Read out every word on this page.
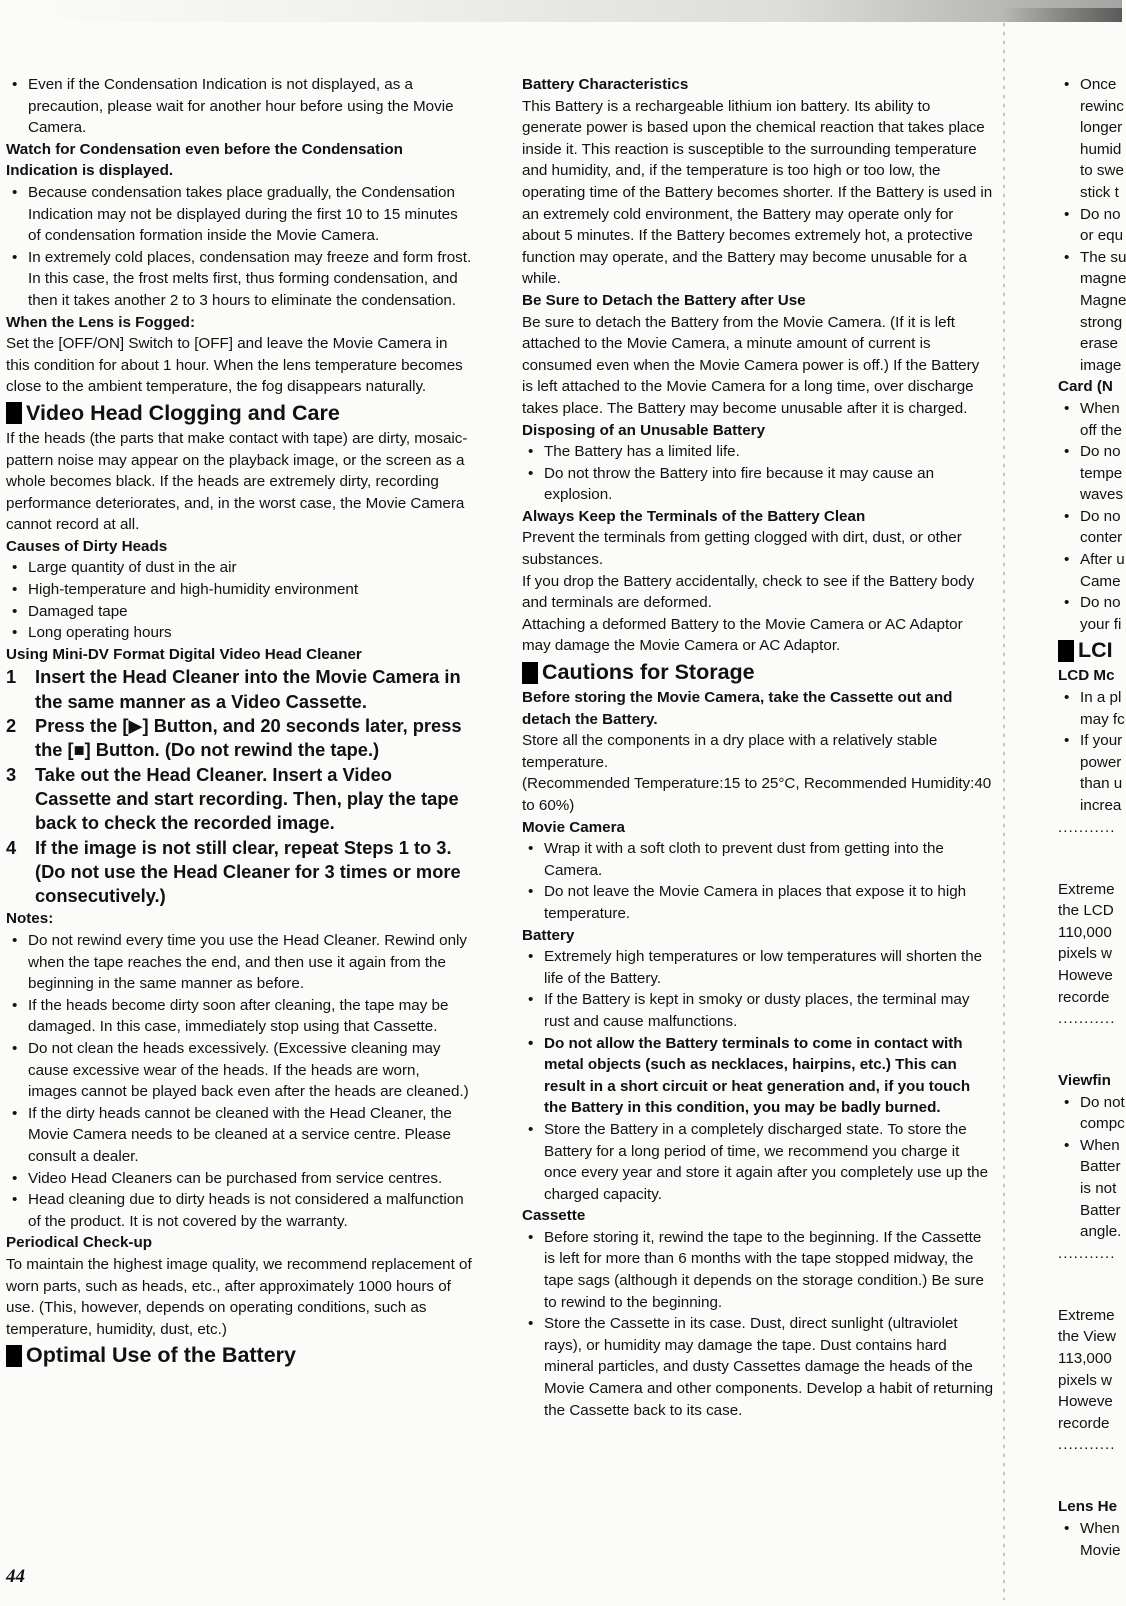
• Even if the Condensation Indication is not displayed, as a precaution, please wait for another hour before using the Movie Camera.

Watch for Condensation even before the Condensation Indication is displayed.

• Because condensation takes place gradually, the Condensation Indication may not be displayed during the first 10 to 15 minutes of condensation formation inside the Movie Camera.

• In extremely cold places, condensation may freeze and form frost. In this case, the frost melts first, thus forming condensation, and then it takes another 2 to 3 hours to eliminate the condensation.

When the Lens is Fogged:

Set the [OFF/ON] Switch to [OFF] and leave the Movie Camera in this condition for about 1 hour. When the lens temperature becomes close to the ambient temperature, the fog disappears naturally.

Video Head Clogging and Care

If the heads (the parts that make contact with tape) are dirty, mosaic-pattern noise may appear on the playback image, or the screen as a whole becomes black. If the heads are extremely dirty, recording performance deteriorates, and, in the worst case, the Movie Camera cannot record at all.

Causes of Dirty Heads

• Large quantity of dust in the air

• High-temperature and high-humidity environment

• Damaged tape

• Long operating hours

Using Mini-DV Format Digital Video Head Cleaner

1	Insert the Head Cleaner into the Movie Camera in the same manner as a Video Cassette.
2	Press the [▶] Button, and 20 seconds later, press the [■] Button. (Do not rewind the tape.)
3	Take out the Head Cleaner. Insert a Video Cassette and start recording. Then, play the tape back to check the recorded image.
4	If the image is not still clear, repeat Steps 1 to 3. (Do not use the Head Cleaner for 3 times or more consecutively.)

Notes:

• Do not rewind every time you use the Head Cleaner. Rewind only when the tape reaches the end, and then use it again from the beginning in the same manner as before.

• If the heads become dirty soon after cleaning, the tape may be damaged. In this case, immediately stop using that Cassette.

• Do not clean the heads excessively. (Excessive cleaning may cause excessive wear of the heads. If the heads are worn, images cannot be played back even after the heads are cleaned.)

• If the dirty heads cannot be cleaned with the Head Cleaner, the Movie Camera needs to be cleaned at a service centre. Please consult a dealer.

• Video Head Cleaners can be purchased from service centres.

• Head cleaning due to dirty heads is not considered a malfunction of the product. It is not covered by the warranty.

Periodical Check-up

To maintain the highest image quality, we recommend replacement of worn parts, such as heads, etc., after approximately 1000 hours of use. (This, however, depends on operating conditions, such as temperature, humidity, dust, etc.)

Optimal Use of the Battery

Battery Characteristics

This Battery is a rechargeable lithium ion battery. Its ability to generate power is based upon the chemical reaction that takes place inside it. This reaction is susceptible to the surrounding temperature and humidity, and, if the temperature is too high or too low, the operating time of the Battery becomes shorter. If the Battery is used in an extremely cold environment, the Battery may operate only for about 5 minutes. If the Battery becomes extremely hot, a protective function may operate, and the Battery may become unusable for a while.

Be Sure to Detach the Battery after Use

Be sure to detach the Battery from the Movie Camera. (If it is left attached to the Movie Camera, a minute amount of current is consumed even when the Movie Camera power is off.) If the Battery is left attached to the Movie Camera for a long time, over discharge takes place. The Battery may become unusable after it is charged.

Disposing of an Unusable Battery

• The Battery has a limited life.

• Do not throw the Battery into fire because it may cause an explosion.

Always Keep the Terminals of the Battery Clean

Prevent the terminals from getting clogged with dirt, dust, or other substances.

If you drop the Battery accidentally, check to see if the Battery body and terminals are deformed.

Attaching a deformed Battery to the Movie Camera or AC Adaptor may damage the Movie Camera or AC Adaptor.

Cautions for Storage

Before storing the Movie Camera, take the Cassette out and detach the Battery.

Store all the components in a dry place with a relatively stable temperature.

(Recommended Temperature:15 to 25°C, Recommended Humidity:40 to 60%)

Movie Camera

• Wrap it with a soft cloth to prevent dust from getting into the Camera.

• Do not leave the Movie Camera in places that expose it to high temperature.

Battery

• Extremely high temperatures or low temperatures will shorten the life of the Battery.

• If the Battery is kept in smoky or dusty places, the terminal may rust and cause malfunctions.

• Do not allow the Battery terminals to come in contact with metal objects (such as necklaces, hairpins, etc.) This can result in a short circuit or heat generation and, if you touch the Battery in this condition, you may be badly burned.

• Store the Battery in a completely discharged state. To store the Battery for a long period of time, we recommend you charge it once every year and store it again after you completely use up the charged capacity.

Cassette

• Before storing it, rewind the tape to the beginning. If the Cassette is left for more than 6 months with the tape stopped midway, the tape sags (although it depends on the storage condition.) Be sure to rewind to the beginning.

• Store the Cassette in its case. Dust, direct sunlight (ultraviolet rays), or humidity may damage the tape. Dust contains hard mineral particles, and dusty Cassettes damage the heads of the Movie Camera and other components. Develop a habit of returning the Cassette back to its case.

• Once

rewinc

longer

humid

to swe

stick t

• Do no

or equ

• The su

magne

Magne

strong

erase

image

Card (N

• When

off the

• Do no

tempe

waves

• Do no

conter

• After u

Came

• Do no

your fi

LCI

LCD Mc

• In a pl

may fc

• If your

power

than u

increa

...........

Extreme

the LCD

110,000

pixels w

Howeve

recorde

...........

Viewfin

• Do not

compc

• When

Batter

is not

Batter

angle.

...........

Extreme

the View

113,000

pixels w

Howeve

recorde

...........

Lens He

• When

Movie

44
